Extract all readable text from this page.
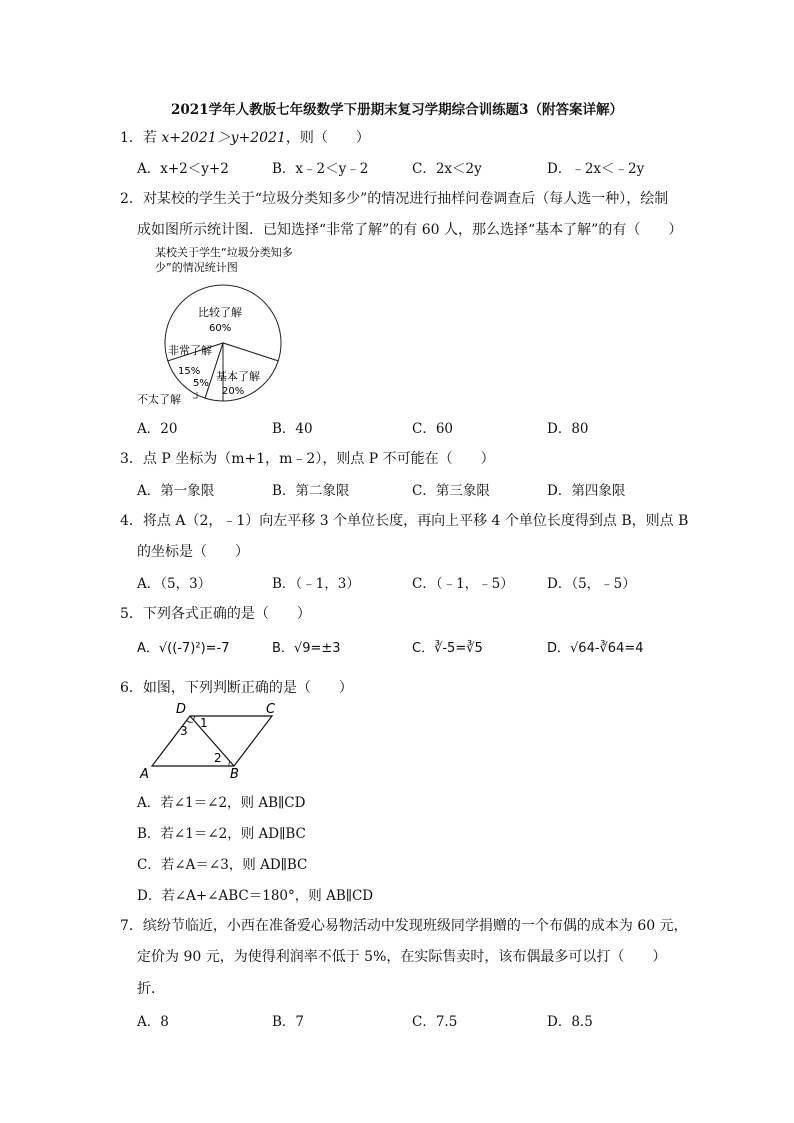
2021学年人教版七年级数学下册期末复习学期综合训练题3（附答案详解）
1．若 x+2021＞y+2021，则（　　）
A．x+2＜y+2	B．x﹣2＜y﹣2	C．2x＜2y	D．﹣2x＜﹣2y
2．对某校的学生关于“垃圾分类知多少”的情况进行抽样问卷调查后（每人选一种），绘制
成如图所示统计图．已知选择“非常了解”的有 60 人，那么选择“基本了解”的有（　　）
某校关于学生“垃圾分类知多
少”的情况统计图
比较了解
60%
非常了解
15%
5%
基本了解
20%
不太了解
A．20	B．40	C．60	D．80
3．点 P 坐标为（m+1，m﹣2），则点 P 不可能在（　　）
A．第一象限	B．第二象限	C．第三象限	D．第四象限
4．将点 A（2，﹣1）向左平移 3 个单位长度，再向上平移 4 个单位长度得到点 B，则点 B
的坐标是（　　）
A．（5，3）	B．（﹣1，3）	C．（﹣1，﹣5） D．（5，﹣5）
5．下列各式正确的是（　　）
A．√((-7)²)=-7	B．√9=±3	C．∛-5=∛5	D．√64-∛64=4
6．如图，下列判断正确的是（　　）
D	C
A	B
1
3
2
A．若∠1＝∠2，则 AB∥CD
B．若∠1＝∠2，则 AD∥BC
C．若∠A＝∠3，则 AD∥BC
D．若∠A+∠ABC＝180°，则 AB∥CD
7．缤纷节临近，小西在准备爱心易物活动中发现班级同学捐赠的一个布偶的成本为 60 元，
定价为 90 元，为使得利润率不低于 5%，在实际售卖时，该布偶最多可以打（　　）
折．
A．8	B．7	C．7.5	D．8.5
